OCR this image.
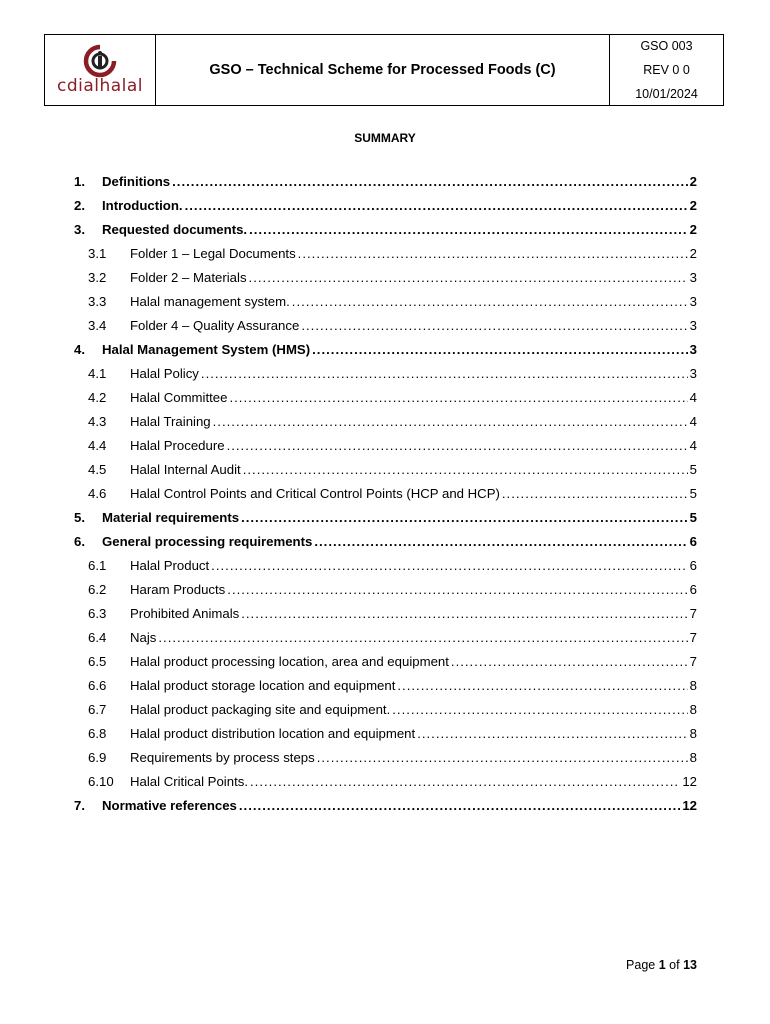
cdialhalal
GSO – Technical Scheme for Processed Foods (C)
GSO 003
REV 0 0
10/01/2024
SUMMARY
1.	Definitions .....	2
2.	Introduction. .....	2
3.	Requested documents. .....	2
3.1	Folder 1 – Legal Documents .....	2
3.2	Folder 2 – Materials .....	3
3.3	Halal management system. .....	3
3.4	Folder 4 – Quality Assurance .....	3
4.	Halal Management System (HMS) .....	3
4.1	Halal Policy .....	3
4.2	Halal Committee .....	4
4.3	Halal Training .....	4
4.4	Halal Procedure .....	4
4.5	Halal Internal Audit .....	5
4.6	Halal Control Points and Critical Control Points (HCP and HCP) .....	5
5.	Material requirements .....	5
6.	General processing requirements .....	6
6.1	Halal Product .....	6
6.2	Haram Products .....	6
6.3	Prohibited Animals .....	7
6.4	Najs .....	7
6.5	Halal product processing location, area and equipment .....	7
6.6	Halal product storage location and equipment .....	8
6.7	Halal product packaging site and equipment. .....	8
6.8	Halal product distribution location and equipment .....	8
6.9	Requirements by process steps .....	8
6.10	Halal Critical Points. .....	12
7.	Normative references .....	12
Page 1 of 13
